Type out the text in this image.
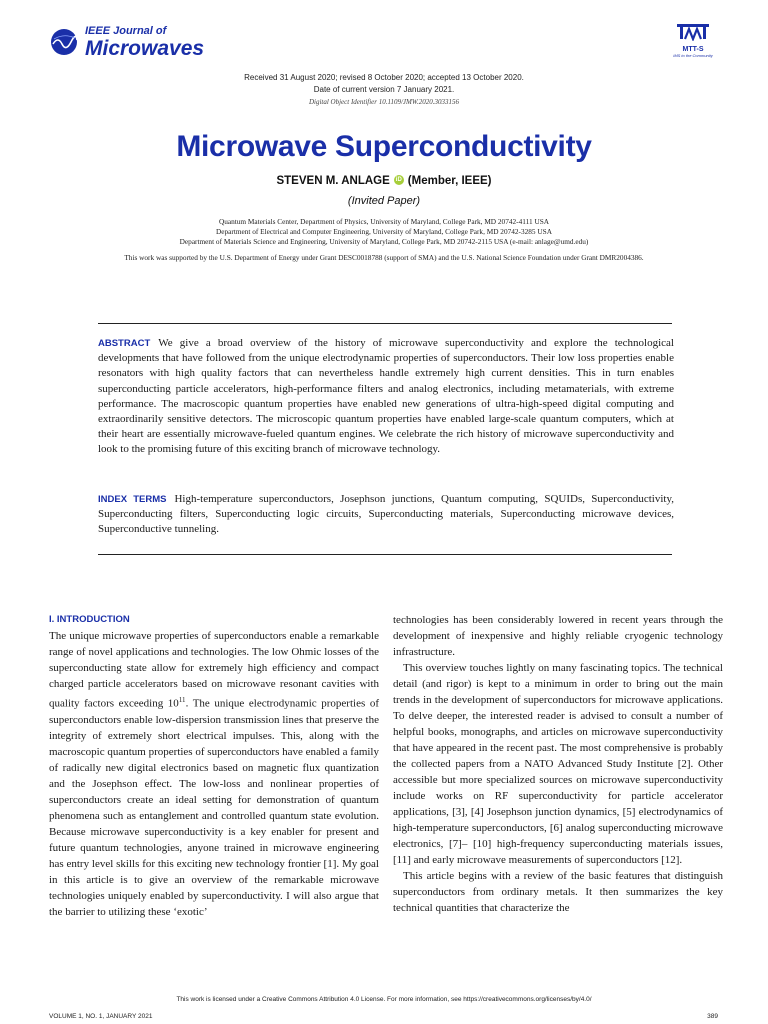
IEEE Journal of
Microwaves	MTT-S
IMS to the Community
Received 31 August 2020; revised 8 October 2020; accepted 13 October 2020.
Date of current version 7 January 2021.
Digital Object Identifier 10.1109/JMW.2020.3033156
Microwave Superconductivity
STEVEN M. ANLAGE iD (Member, IEEE)
(Invited Paper)
Quantum Materials Center, Department of Physics, University of Maryland, College Park, MD 20742-4111 USA
Department of Electrical and Computer Engineering, University of Maryland, College Park, MD 20742-3285 USA
Department of Materials Science and Engineering, University of Maryland, College Park, MD 20742-2115 USA (e-mail: anlage@umd.edu)
This work was supported by the U.S. Department of Energy under Grant DESC0018788 (support of SMA) and the U.S. National Science Foundation under Grant DMR2004386.
ABSTRACT We give a broad overview of the history of microwave superconductivity and explore the technological developments that have followed from the unique electrodynamic properties of superconductors. Their low loss properties enable resonators with high quality factors that can nevertheless handle extremely high current densities. This in turn enables superconducting particle accelerators, high-performance filters and analog electronics, including metamaterials, with extreme performance. The macroscopic quantum properties have enabled new generations of ultra-high-speed digital computing and extraordinarily sensitive detectors. The microscopic quantum properties have enabled large-scale quantum computers, which at their heart are essentially microwave-fueled quantum engines. We celebrate the rich history of microwave superconductivity and look to the promising future of this exciting branch of microwave technology.
INDEX TERMS High-temperature superconductors, Josephson junctions, Quantum computing, SQUIDs, Superconductivity, Superconducting filters, Superconducting logic circuits, Superconducting materials, Superconducting microwave devices, Superconductive tunneling.
I. INTRODUCTION

The unique microwave properties of superconductors enable a remarkable range of novel applications and technologies. The low Ohmic losses of the superconducting state allow for extremely high efficiency and compact charged particle accelerators based on microwave resonant cavities with quality factors exceeding $10^{11}$. The unique electrodynamic properties of superconductors enable low-dispersion transmission lines that preserve the integrity of extremely short electrical impulses. This, along with the macroscopic quantum properties of superconductors have enabled a family of radically new digital electronics based on magnetic flux quantization and the Josephson effect. The low-loss and nonlinear properties of superconductors create an ideal setting for demonstration of quantum phenomena such as entanglement and controlled quantum state evolution. Because microwave superconductivity is a key enabler for present and future quantum technologies, anyone trained in microwave engineering has entry level skills for this exciting new technology frontier [1]. My goal in this article is to give an overview of the remarkable microwave technologies uniquely enabled by superconductivity. I will also argue that the barrier to utilizing these ‘exotic’

technologies has been considerably lowered in recent years through the development of inexpensive and highly reliable cryogenic technology infrastructure.

This overview touches lightly on many fascinating topics. The technical detail (and rigor) is kept to a minimum in order to bring out the main trends in the development of superconductors for microwave applications. To delve deeper, the interested reader is advised to consult a number of helpful books, monographs, and articles on microwave superconductivity that have appeared in the recent past. The most comprehensive is probably the collected papers from a NATO Advanced Study Institute [2]. Other accessible but more specialized sources on microwave superconductivity include works on RF superconductivity for particle accelerator applications, [3], [4] Josephson junction dynamics, [5] electrodynamics of high-temperature superconductors, [6] analog superconducting microwave electronics, [7]– [10] high-frequency superconducting materials issues, [11] and early microwave measurements of superconductors [12].

This article begins with a review of the basic features that distinguish superconductors from ordinary metals. It then summarizes the key technical quantities that characterize the

This work is licensed under a Creative Commons Attribution 4.0 License. For more information, see https://creativecommons.org/licenses/by/4.0/
VOLUME 1, NO. 1, JANUARY 2021	389
